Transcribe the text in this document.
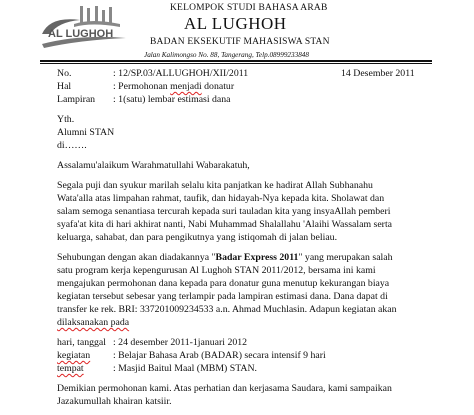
AL LUGHOH
KELOMPOK STUDI BAHASA ARAB
AL LUGHOH
BADAN EKSEKUTIF MAHASISWA STAN
Jalan Kalimongso No. 88, Tangerang, Telp.08999233848
No.	: 12/SP.03/ALLUGHOH/XII/2011	14 Desember 2011
Hal	: Permohonan menjadi donatur
Lampiran : 1(satu) lembar estimasi dana
Yth.
Alumni STAN
di…….
Assalamu'alaikum Warahmatullahi Wabarakatuh,
Segala puji dan syukur marilah selalu kita panjatkan ke hadirat Allah Subhanahu
Wata'alla atas limpahan rahmat, taufik, dan hidayah-Nya kepada kita. Sholawat dan
salam semoga senantiasa tercurah kepada suri tauladan kita yang insyaAllah pemberi
syafa'at kita di hari akhirat nanti, Nabi Muhammad Shalallahu 'Alaihi Wassalam serta
keluarga, sahabat, dan para pengikutnya yang istiqomah di jalan beliau.
Sehubungan dengan akan diadakannya "Badar Express 2011" yang merupakan salah
satu program kerja kepengurusan Al Lughoh STAN 2011/2012, bersama ini kami
mengajukan permohonan dana kepada para donatur guna menutup kekurangan biaya
kegiatan tersebut sebesar yang terlampir pada lampiran estimasi dana. Dana dapat di
transfer ke rek. BRI: 337201009234533 a.n. Ahmad Muchlasin. Adapun kegiatan akan
dilaksanakan pada
hari, tanggal : 24 desember 2011-1januari 2012
kegiatan : Belajar Bahasa Arab (BADAR) secara intensif 9 hari
tempat	: Masjid Baitul Maal (MBM) STAN.
Demikian permohonan kami. Atas perhatian dan kerjasama Saudara, kami sampaikan
Jazakumullah khairan katsiir.
